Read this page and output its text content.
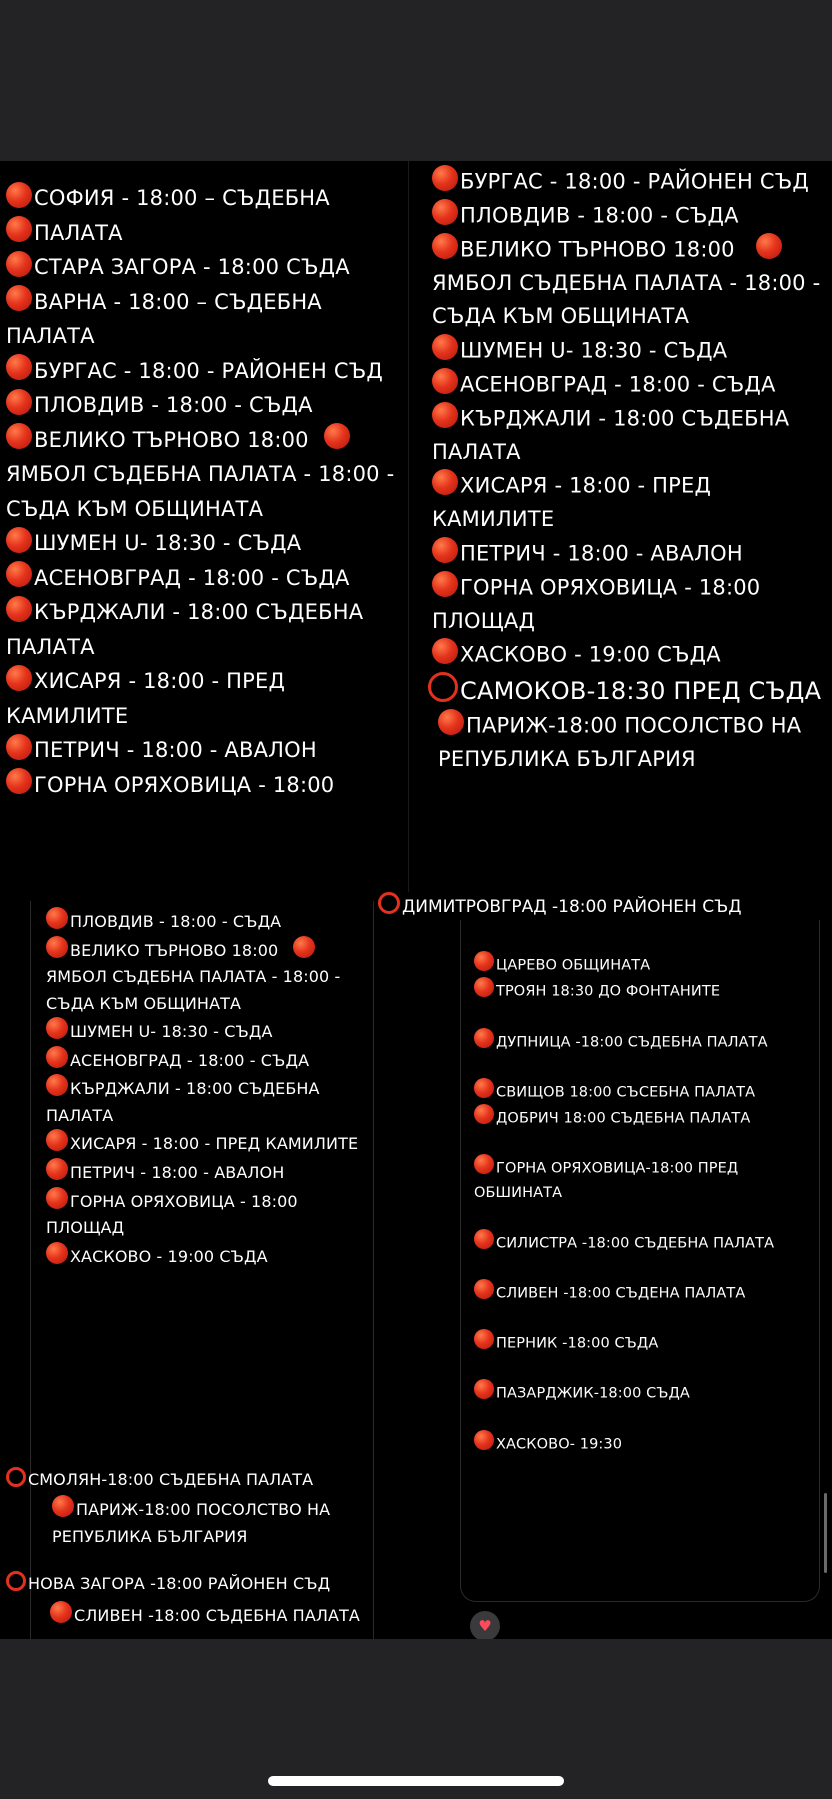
СОФИЯ - 18:00 – СЪДЕБНА

ПАЛАТА

СТАРА ЗАГОРА - 18:00 СЪДА

ВАРНА - 18:00 – СЪДЕБНА ПАЛАТА

БУРГАС - 18:00 - РАЙОНЕН СЪД

ПЛОВДИВ - 18:00 - СЪДА

ВЕЛИКО ТЪРНОВО 18:00

ЯМБОЛ СЪДЕБНА ПАЛАТА - 18:00 - СЪДА КЪМ ОБЩИНАТА

ШУМЕН U- 18:30 - СЪДА

АСЕНОВГРАД - 18:00 - СЪДА

КЪРДЖАЛИ - 18:00 СЪДЕБНА ПАЛАТА

ХИСАРЯ - 18:00 - ПРЕД КАМИЛИТЕ

ПЕТРИЧ - 18:00 - АВАЛОН

ГОРНА ОРЯХОВИЦА - 18:00

БУРГАС - 18:00 - РАЙОНЕН СЪД

ПЛОВДИВ - 18:00 - СЪДА

ВЕЛИКО ТЪРНОВО 18:00

ЯМБОЛ СЪДЕБНА ПАЛАТА - 18:00 - СЪДА КЪМ ОБЩИНАТА

ШУМЕН U- 18:30 - СЪДА

АСЕНОВГРАД - 18:00 - СЪДА

КЪРДЖАЛИ - 18:00 СЪДЕБНА ПАЛАТА

ХИСАРЯ - 18:00 - ПРЕД КАМИЛИТЕ

ПЕТРИЧ - 18:00 - АВАЛОН

ГОРНА ОРЯХОВИЦА - 18:00 ПЛОЩАД

ХАСКОВО - 19:00 СЪДА

САМОКОВ-18:30 ПРЕД СЪДА

ПАРИЖ-18:00 ПОСОЛСТВО НА РЕПУБЛИКА БЪЛГАРИЯ

ПЛОВДИВ - 18:00 - СЪДА

ВЕЛИКО ТЪРНОВО 18:00

ЯМБОЛ СЪДЕБНА ПАЛАТА - 18:00 - СЪДА КЪМ ОБЩИНАТА

ШУМЕН U- 18:30 - СЪДА

АСЕНОВГРАД - 18:00 - СЪДА

КЪРДЖАЛИ - 18:00 СЪДЕБНА ПАЛАТА

ХИСАРЯ - 18:00 - ПРЕД КАМИЛИТЕ

ПЕТРИЧ - 18:00 - АВАЛОН

ГОРНА ОРЯХОВИЦА - 18:00 ПЛОЩАД

ХАСКОВО - 19:00 СЪДА

СМОЛЯН-18:00 СЪДЕБНА ПАЛАТА

ПАРИЖ-18:00 ПОСОЛСТВО НА РЕПУБЛИКА БЪЛГАРИЯ

НОВА ЗАГОРА -18:00 РАЙОНЕН СЪД

СЛИВЕН -18:00 СЪДЕБНА ПАЛАТА

ЦАРЕВО ОБЩИНАТА

ТРОЯН 18:30 ДО ФОНТАНИТЕ

ДУПНИЦА -18:00 СЪДЕБНА ПАЛАТА

СВИЩОВ 18:00 СЪСЕБНА ПАЛАТА

ДОБРИЧ 18:00 СЪДЕБНА ПАЛАТА

ГОРНА ОРЯХОВИЦА-18:00 ПРЕД ОБШИНАТА

СИЛИСТРА -18:00 СЪДЕБНА ПАЛАТА

СЛИВЕН -18:00 СЪДЕНА ПАЛАТА

ПЕРНИК -18:00 СЪДА

ПАЗАРДЖИК-18:00 СЪДА

ХАСКОВО- 19:30

♥
ДИМИТРОВГРАД -18:00 РАЙОНЕН СЪД
